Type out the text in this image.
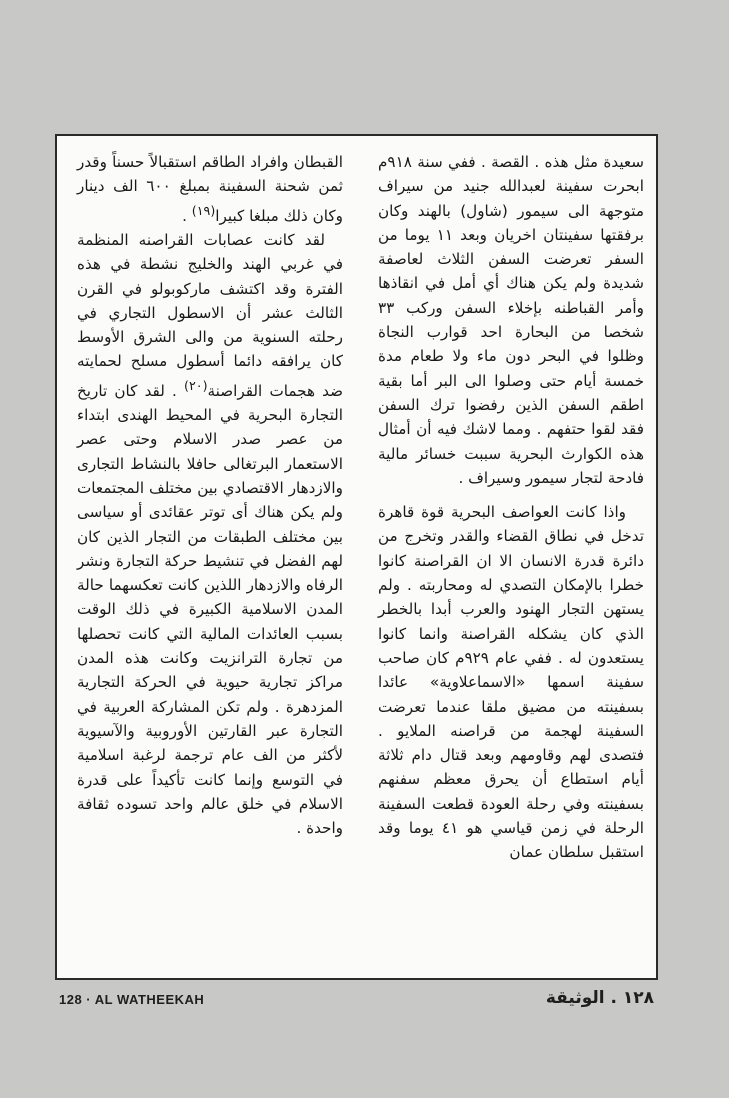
سعيدة مثل هذه . القصة . ففي سنة ٩١٨م ابحرت سفينة لعبدالله جنيد من سيراف متوجهة الى سيمور (شاول) بالهند وكان برفقتها سفينتان اخريان وبعد ١١ يوما من السفر تعرضت السفن الثلاث لعاصفة شديدة ولم يكن هناك أي أمل في انقاذها وأمر القباطنه بإخلاء السفن وركب ٣٣ شخصا من البحارة احد قوارب النجاة وظلوا في البحر دون ماء ولا طعام مدة خمسة أيام حتى وصلوا الى البر أما بقية اطقم السفن الذين رفضوا ترك السفن فقد لقوا حتفهم . ومما لاشك فيه أن أمثال هذه الكوارث البحرية سببت خسائر مالية فادحة لتجار سيمور وسيراف .

واذا كانت العواصف البحرية قوة قاهرة تدخل في نطاق القضاء والقدر وتخرج من دائرة قدرة الانسان الا ان القراصنة كانوا خطرا بالإمكان التصدي له ومحاربته . ولم يستهن التجار الهنود والعرب أبدا بالخطر الذي كان يشكله القراصنة وانما كانوا يستعدون له . ففي عام ٩٢٩م كان صاحب سفينة اسمها «الاسماعلاوية» عائدا بسفينته من مضيق ملقا عندما تعرضت السفينة لهجمة من قراصنه الملايو . فتصدى لهم وقاومهم وبعد قتال دام ثلاثة أيام استطاع أن يحرق معظم سفنهم بسفينته وفي رحلة العودة قطعت السفينة الرحلة في زمن قياسي هو ٤١ يوما وقد استقبل سلطان عمان

القبطان وافراد الطاقم استقبالاً حسناً وقدر ثمن شحنة السفينة بمبلغ ٦٠٠ الف دينار وكان ذلك مبلغا كبيرا$^{(١٩)}$ .

لقد كانت عصابات القراصنه المنظمة في غربي الهند والخليج نشطة في هذه الفترة وقد اكتشف ماركوبولو في القرن الثالث عشر أن الاسطول التجاري في رحلته السنوية من والى الشرق الأوسط كان يرافقه دائما أسطول مسلح لحمايته ضد هجمات القراصنة$^{(٢٠)}$ . لقد كان تاريخ التجارة البحرية في المحيط الهندى ابتداء من عصر صدر الاسلام وحتى عصر الاستعمار البرتغالى حافلا بالنشاط التجارى والازدهار الاقتصادي بين مختلف المجتمعات ولم يكن هناك أى توتر عقائدى أو سياسى بين مختلف الطبقات من التجار الذين كان لهم الفضل في تنشيط حركة التجارة ونشر الرفاه والازدهار اللذين كانت تعكسهما حالة المدن الاسلامية الكبيرة في ذلك الوقت بسبب العائدات المالية التي كانت تحصلها من تجارة الترانزيت وكانت هذه المدن مراكز تجارية حيوية في الحركة التجارية المزدهرة . ولم تكن المشاركة العربية في التجارة عبر القارتين الأوروبية والآسيوية لأكثر من الف عام ترجمة لرغبة اسلامية في التوسع وإنما كانت تأكيداً على قدرة الاسلام في خلق عالم واحد تسوده ثقافة واحدة .

128 · AL WATHEEKAH	١٢٨ . الوثيقة
